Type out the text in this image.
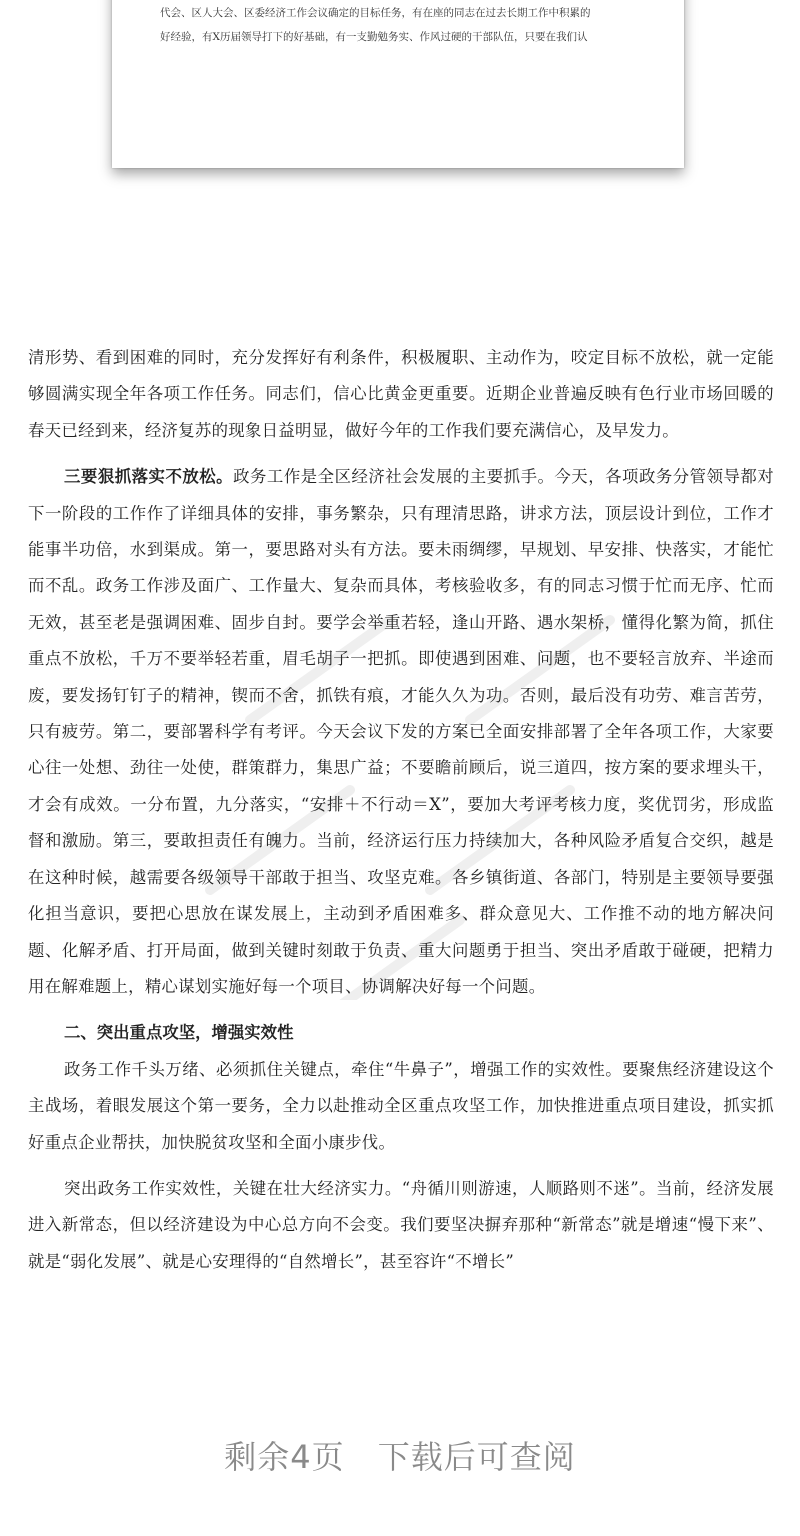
代会、区人大会、区委经济工作会议确定的目标任务，有在座的同志在过去长期工作中积累的
好经验，有X历届领导打下的好基础，有一支勤勉务实、作风过硬的干部队伍，只要在我们认

清形势、看到困难的同时，充分发挥好有利条件，积极履职、主动作为，咬定目标不放松，就一定能够圆满实现全年各项工作任务。同志们，信心比黄金更重要。近期企业普遍反映有色行业市场回暖的春天已经到来，经济复苏的现象日益明显，做好今年的工作我们要充满信心，及早发力。

三要狠抓落实不放松。政务工作是全区经济社会发展的主要抓手。今天，各项政务分管领导都对下一阶段的工作作了详细具体的安排，事务繁杂，只有理清思路，讲求方法，顶层设计到位，工作才能事半功倍，水到渠成。第一，要思路对头有方法。要未雨绸缪，早规划、早安排、快落实，才能忙而不乱。政务工作涉及面广、工作量大、复杂而具体，考核验收多，有的同志习惯于忙而无序、忙而无效，甚至老是强调困难、固步自封。要学会举重若轻，逢山开路、遇水架桥，懂得化繁为简，抓住重点不放松，千万不要举轻若重，眉毛胡子一把抓。即使遇到困难、问题，也不要轻言放弃、半途而废，要发扬钉钉子的精神，锲而不舍，抓铁有痕，才能久久为功。否则，最后没有功劳、难言苦劳，只有疲劳。第二，要部署科学有考评。今天会议下发的方案已全面安排部署了全年各项工作，大家要心往一处想、劲往一处使，群策群力，集思广益；不要瞻前顾后，说三道四，按方案的要求埋头干，才会有成效。一分布置，九分落实，“安排＋不行动＝X”，要加大考评考核力度，奖优罚劣，形成监督和激励。第三，要敢担责任有魄力。当前，经济运行压力持续加大，各种风险矛盾复合交织，越是在这种时候，越需要各级领导干部敢于担当、攻坚克难。各乡镇街道、各部门，特别是主要领导要强化担当意识，要把心思放在谋发展上，主动到矛盾困难多、群众意见大、工作推不动的地方解决问题、化解矛盾、打开局面，做到关键时刻敢于负责、重大问题勇于担当、突出矛盾敢于碰硬，把精力用在解难题上，精心谋划实施好每一个项目、协调解决好每一个问题。

二、突出重点攻坚，增强实效性

政务工作千头万绪、必须抓住关键点，牵住“牛鼻子”，增强工作的实效性。要聚焦经济建设这个主战场，着眼发展这个第一要务，全力以赴推动全区重点攻坚工作，加快推进重点项目建设，抓实抓好重点企业帮扶，加快脱贫攻坚和全面小康步伐。

突出政务工作实效性，关键在壮大经济实力。“舟循川则游速，人顺路则不迷”。当前，经济发展进入新常态，但以经济建设为中心总方向不会变。我们要坚决摒弃那种“新常态”就是增速“慢下来”、就是“弱化发展”、就是心安理得的“自然增长”，甚至容许“不增长”

剩余4页 下载后可查阅
